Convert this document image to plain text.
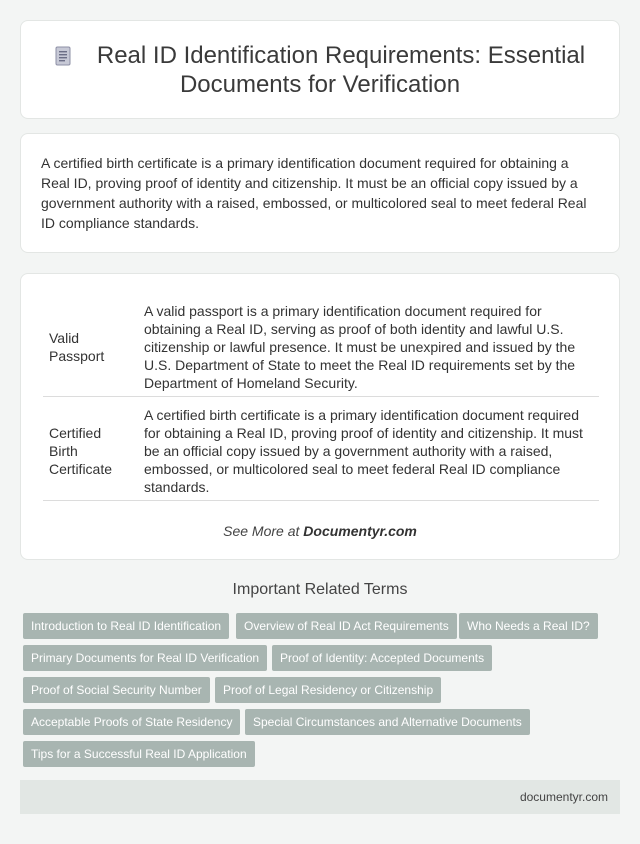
Real ID Identification Requirements: Essential Documents for Verification

A certified birth certificate is a primary identification document required for obtaining a Real ID, proving proof of identity and citizenship. It must be an official copy issued by a government authority with a raised, embossed, or multicolored seal to meet federal Real ID compliance standards.

Valid Passport	A valid passport is a primary identification document required for obtaining a Real ID, serving as proof of both identity and lawful U.S. citizenship or lawful presence. It must be unexpired and issued by the U.S. Department of State to meet the Real ID requirements set by the Department of Homeland Security.
Certified Birth Certificate	A certified birth certificate is a primary identification document required for obtaining a Real ID, proving proof of identity and citizenship. It must be an official copy issued by a government authority with a raised, embossed, or multicolored seal to meet federal Real ID compliance standards.
See More at Documentyr.com
Important Related Terms
Introduction to Real ID Identification	Overview of Real ID Act Requirements	Who Needs a Real ID?
Primary Documents for Real ID Verification	Proof of Identity: Accepted Documents
Proof of Social Security Number	Proof of Legal Residency or Citizenship
Acceptable Proofs of State Residency	Special Circumstances and Alternative Documents
Tips for a Successful Real ID Application
documentyr.com
